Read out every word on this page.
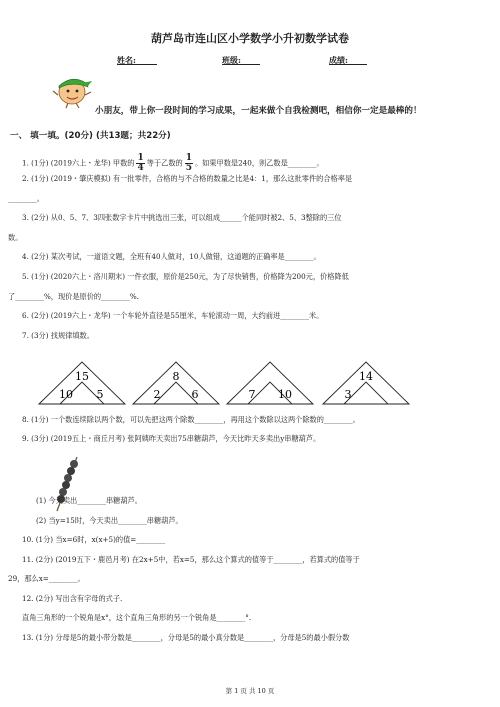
葫芦岛市连山区小学数学小升初数学试卷
姓名:	班级:	成绩:
小朋友，带上你一段时间的学习成果，一起来做个自我检测吧，相信你一定是最棒的！
一、 填一填。(20分) (共13题；共22分)
1. (1分) (2019六上・龙华) 甲数的 $\frac{1}{4}$ 等于乙数的 $\frac{1}{5}$ 。如果甲数是240，则乙数是________。
2. (1分) (2019・肇庆模拟) 有一批零件，合格的与不合格的数量之比是4：1，那么这批零件的合格率是
________。
3. (2分) 从0、5、7、3四张数字卡片中挑选出三张，可以组成______个能同时被2、5、3整除的三位
数。
4. (2分) 某次考试，一道语文题，全班有40人做对，10人做错，这道题的正确率是________。
5. (1分) (2020六上・洛川期末) 一件衣服，原价是250元，为了尽快销售，价格降为200元，价格降低
了________%，现价是原价的________%.
6. (2分) (2019六上・龙华) 一个车轮外直径是55厘米，车轮滚动一周，大约前进________米。
7. (3分) 找规律填数。
15
10 5
8
2	6	7 10
14
3
8. (1分) 一个数连续除以两个数，可以先把这两个除数________，再用这个数除以这两个除数的________。
9. (3分) (2019五上・商丘月考) 张阿姨昨天卖出75串糖葫芦，今天比昨天多卖出y串糖葫芦。
(1) 今天卖出________串糖葫芦。
(2) 当y=15时，今天卖出________串糖葫芦。
10. (1分) 当x=6时，x(x+5)的值=________
11. (2分) (2019五下・鹿邑月考) 在2x+5中，若x=5，那么这个算式的值等于________，若算式的值等于
29，那么x=________。
12. (2分) 写出含有字母的式子.
直角三角形的一个锐角是x°，这个直角三角形的另一个锐角是________°.
13. (1分) 分母是5的最小带分数是________，分母是5的最小真分数是________，分母是5的最小假分数
第 1 页 共 10 页
